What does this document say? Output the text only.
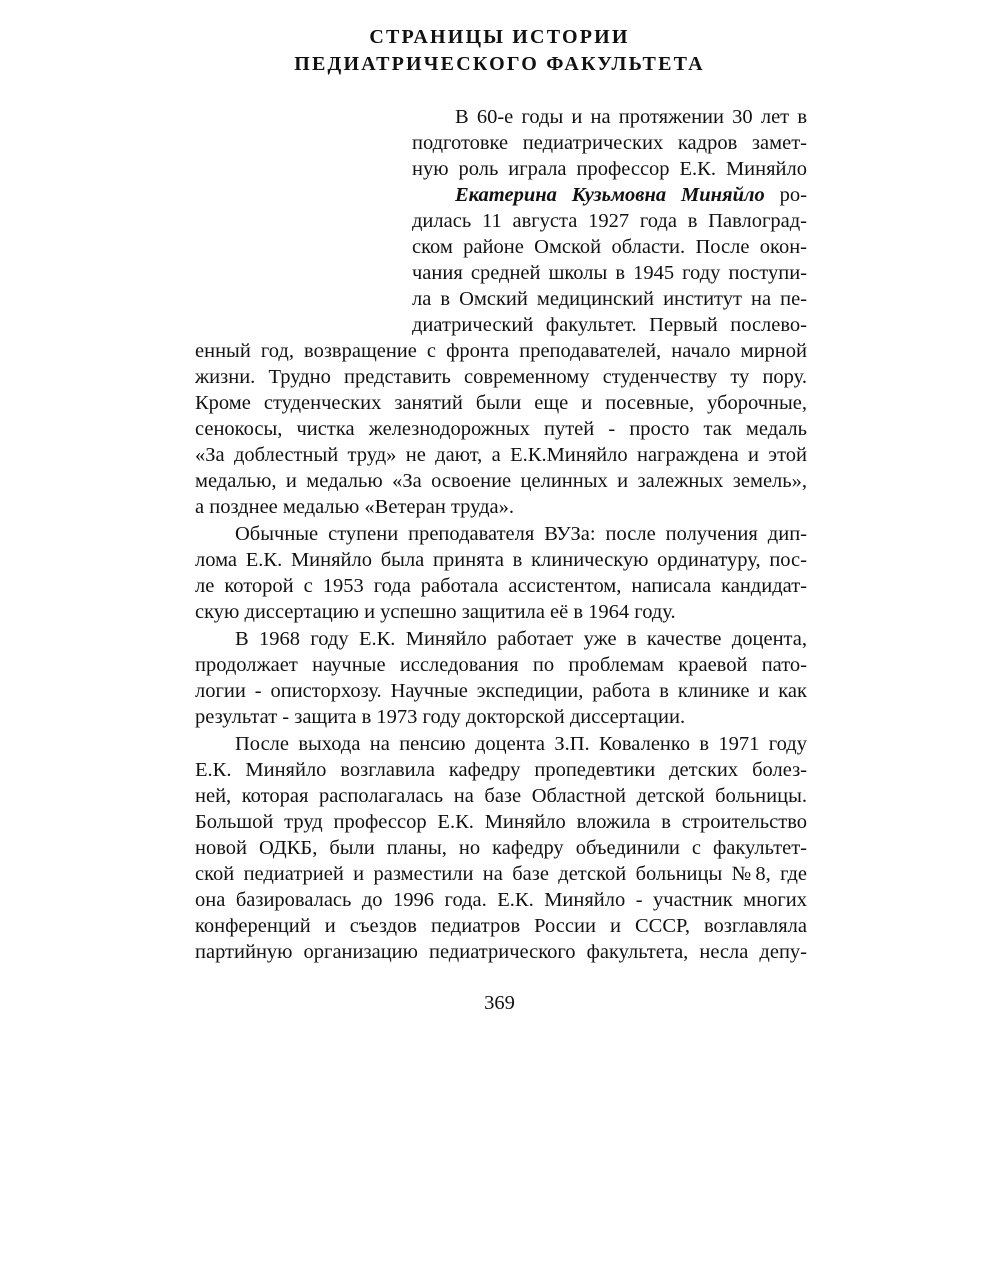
СТРАНИЦЫ ИСТОРИИ
ПЕДИАТРИЧЕСКОГО ФАКУЛЬТЕТА
В 60-е годы и на протяжении 30 лет в
подготовке педиатрических кадров замет-
ную роль играла профессор Е.К. Миняйло
Екатерина Кузьмовна Миняйло ро-
дилась 11 августа 1927 года в Павлоград-
ском районе Омской области. После окон-
чания средней школы в 1945 году поступи-
ла в Омский медицинский институт на пе-
диатрический факультет. Первый послево-
енный год, возвращение с фронта преподавателей, начало мирной
жизни. Трудно представить современному студенчеству ту пору.
Кроме студенческих занятий были еще и посевные, уборочные,
сенокосы, чистка железнодорожных путей - просто так медаль
«За доблестный труд» не дают, а Е.К.Миняйло награждена и этой
медалью, и медалью «За освоение целинных и залежных земель»,
а позднее медалью «Ветеран труда».
Обычные ступени преподавателя ВУЗа: после получения дип-
лома Е.К. Миняйло была принята в клиническую ординатуру, пос-
ле которой с 1953 года работала ассистентом, написала кандидат-
скую диссертацию и успешно защитила её в 1964 году.
В 1968 году Е.К. Миняйло работает уже в качестве доцента,
продолжает научные исследования по проблемам краевой пато-
логии - описторхозу. Научные экспедиции, работа в клинике и как
результат - защита в 1973 году докторской диссертации.
После выхода на пенсию доцента З.П. Коваленко в 1971 году
Е.К. Миняйло возглавила кафедру пропедевтики детских болез-
ней, которая располагалась на базе Областной детской больницы.
Большой труд профессор Е.К. Миняйло вложила в строительство
новой ОДКБ, были планы, но кафедру объединили с факультет-
ской педиатрией и разместили на базе детской больницы №8, где
она базировалась до 1996 года. Е.К. Миняйло - участник многих
конференций и съездов педиатров России и СССР, возглавляла
партийную организацию педиатрического факультета, несла депу-
369
